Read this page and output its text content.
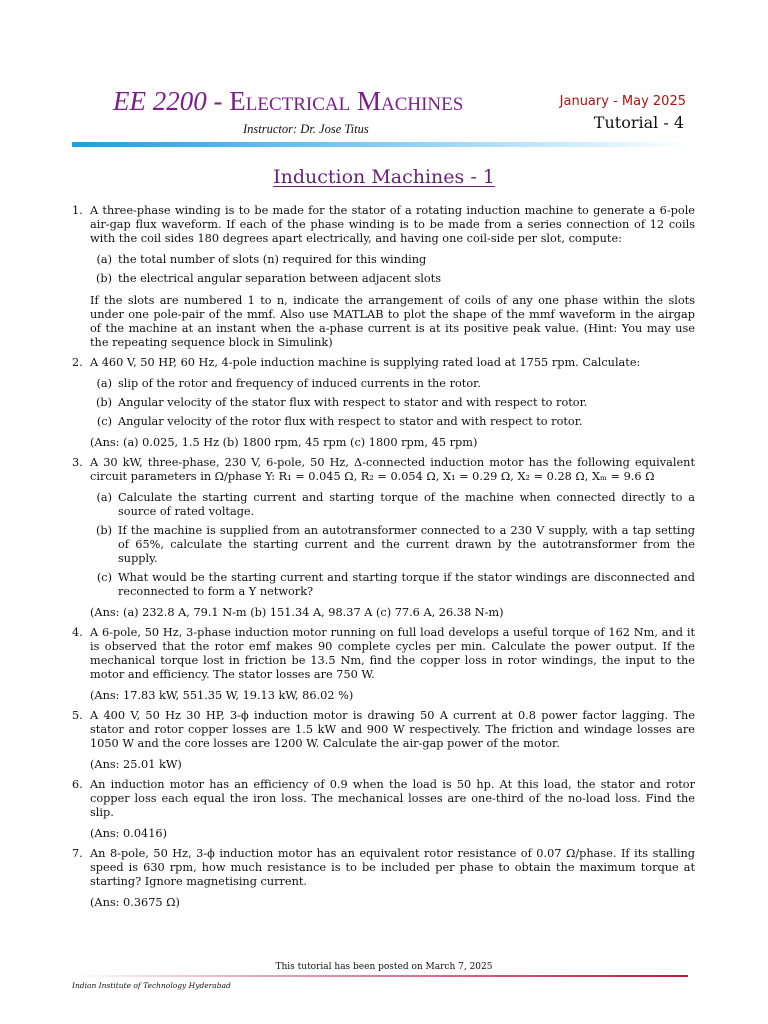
EE 2200 - Electrical Machines
Instructor: Dr. Jose Titus
January - May 2025
Tutorial - 4
Induction Machines - 1
1. A three-phase winding is to be made for the stator of a rotating induction machine to generate a 6-pole air-gap flux waveform. If each of the phase winding is to be made from a series connection of 12 coils with the coil sides 180 degrees apart electrically, and having one coil-side per slot, compute:
(a) the total number of slots (n) required for this winding
(b) the electrical angular separation between adjacent slots
If the slots are numbered 1 to n, indicate the arrangement of coils of any one phase within the slots under one pole-pair of the mmf. Also use MATLAB to plot the shape of the mmf waveform in the airgap of the machine at an instant when the a-phase current is at its positive peak value. (Hint: You may use the repeating sequence block in Simulink)
2. A 460 V, 50 HP, 60 Hz, 4-pole induction machine is supplying rated load at 1755 rpm. Calculate:
(a) slip of the rotor and frequency of induced currents in the rotor.
(b) Angular velocity of the stator flux with respect to stator and with respect to rotor.
(c) Angular velocity of the rotor flux with respect to stator and with respect to rotor.
(Ans: (a) 0.025, 1.5 Hz (b) 1800 rpm, 45 rpm (c) 1800 rpm, 45 rpm)
3. A 30 kW, three-phase, 230 V, 6-pole, 50 Hz, Δ-connected induction motor has the following equivalent circuit parameters in Ω/phase Y: R₁ = 0.045 Ω, R₂ = 0.054 Ω, X₁ = 0.29 Ω, X₂ = 0.28 Ω, Xₘ = 9.6 Ω
(a) Calculate the starting current and starting torque of the machine when connected directly to a source of rated voltage.
(b) If the machine is supplied from an autotransformer connected to a 230 V supply, with a tap setting of 65%, calculate the starting current and the current drawn by the autotransformer from the supply.
(c) What would be the starting current and starting torque if the stator windings are disconnected and reconnected to form a Y network?
(Ans: (a) 232.8 A, 79.1 N-m (b) 151.34 A, 98.37 A (c) 77.6 A, 26.38 N-m)
4. A 6-pole, 50 Hz, 3-phase induction motor running on full load develops a useful torque of 162 Nm, and it is observed that the rotor emf makes 90 complete cycles per min. Calculate the power output. If the mechanical torque lost in friction be 13.5 Nm, find the copper loss in rotor windings, the input to the motor and efficiency. The stator losses are 750 W.
(Ans: 17.83 kW, 551.35 W, 19.13 kW, 86.02 %)
5. A 400 V, 50 Hz 30 HP, 3-ϕ induction motor is drawing 50 A current at 0.8 power factor lagging. The stator and rotor copper losses are 1.5 kW and 900 W respectively. The friction and windage losses are 1050 W and the core losses are 1200 W. Calculate the air-gap power of the motor.
(Ans: 25.01 kW)
6. An induction motor has an efficiency of 0.9 when the load is 50 hp. At this load, the stator and rotor copper loss each equal the iron loss. The mechanical losses are one-third of the no-load loss. Find the slip.
(Ans: 0.0416)
7. An 8-pole, 50 Hz, 3-ϕ induction motor has an equivalent rotor resistance of 0.07 Ω/phase. If its stalling speed is 630 rpm, how much resistance is to be included per phase to obtain the maximum torque at starting? Ignore magnetising current.
(Ans: 0.3675 Ω)
This tutorial has been posted on March 7, 2025
Indian Institute of Technology Hyderabad
